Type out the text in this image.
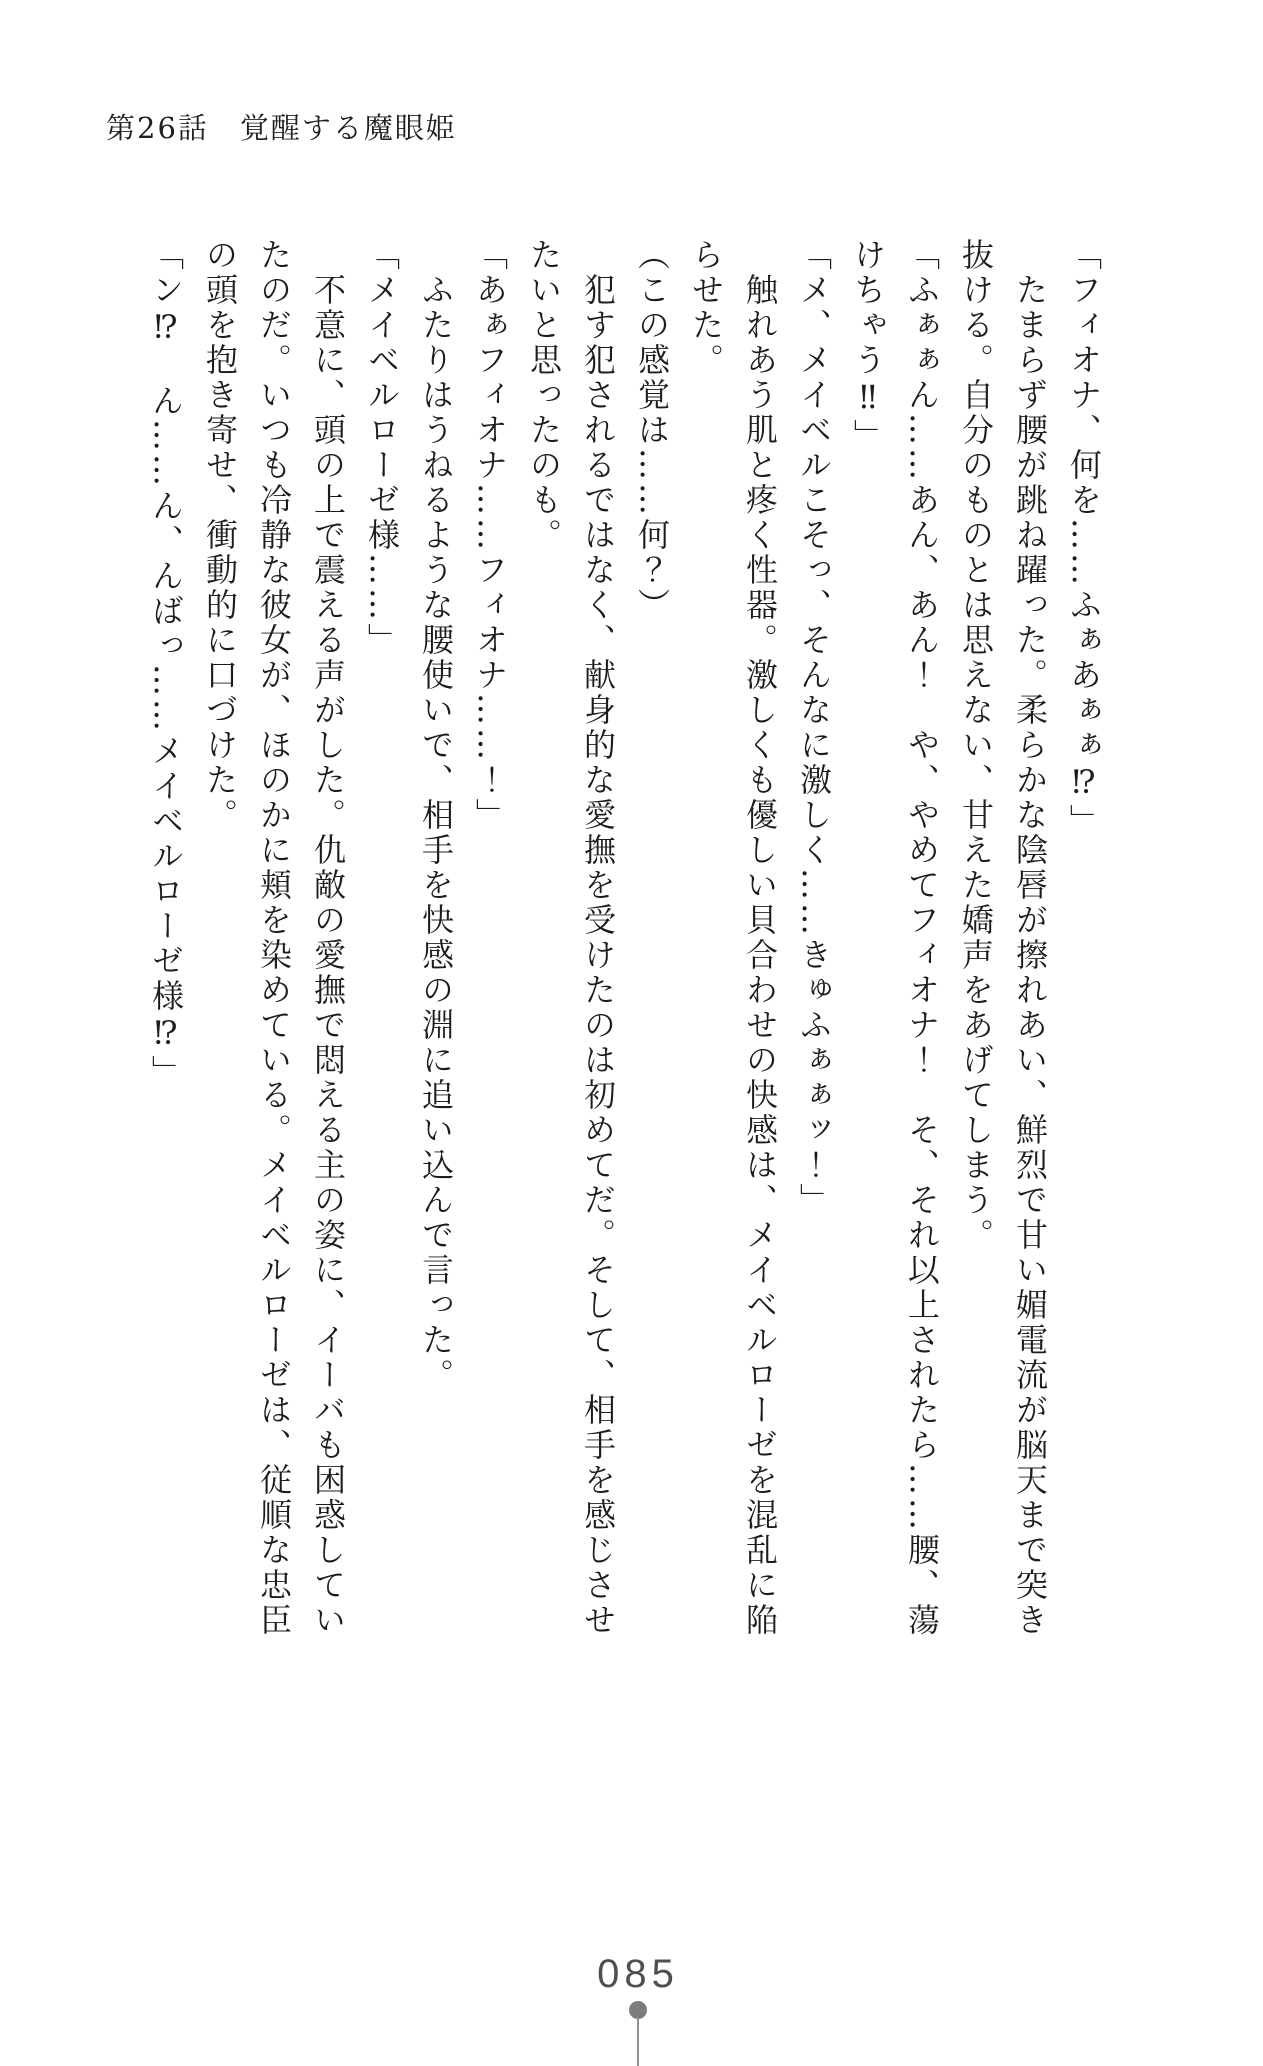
第26話　覚醒する魔眼姫

「フィオナ、何を……ふぁあぁぁ⁉」

たまらず腰が跳ね躍った。柔らかな陰唇が擦れあい、鮮烈で甘い媚電流が脳天まで突き

抜ける。自分のものとは思えない、甘えた嬌声をあげてしまう。

「ふぁぁん……あん、あん！　や、やめてフィオナ！　そ、それ以上されたら……腰、蕩

けちゃう‼」

「メ、メイベルこそっ、そんなに激しく……きゅふぁぁッ！」

触れあう肌と疼く性器。激しくも優しい貝合わせの快感は、メイベルローゼを混乱に陥

らせた。

（この感覚は……何？）

犯す犯されるではなく、献身的な愛撫を受けたのは初めてだ。そして、相手を感じさせ

たいと思ったのも。

「あぁフィオナ……フィオナ……！」

ふたりはうねるような腰使いで、相手を快感の淵に追い込んで言った。

「メイベルローゼ様……」

不意に、頭の上で震える声がした。仇敵の愛撫で悶える主の姿に、イーバも困惑してい

たのだ。いつも冷静な彼女が、ほのかに頬を染めている。メイベルローゼは、従順な忠臣

の頭を抱き寄せ、衝動的に口づけた。

「ン⁉　ん……ん、んばっ……メイベルローゼ様⁉」

085
